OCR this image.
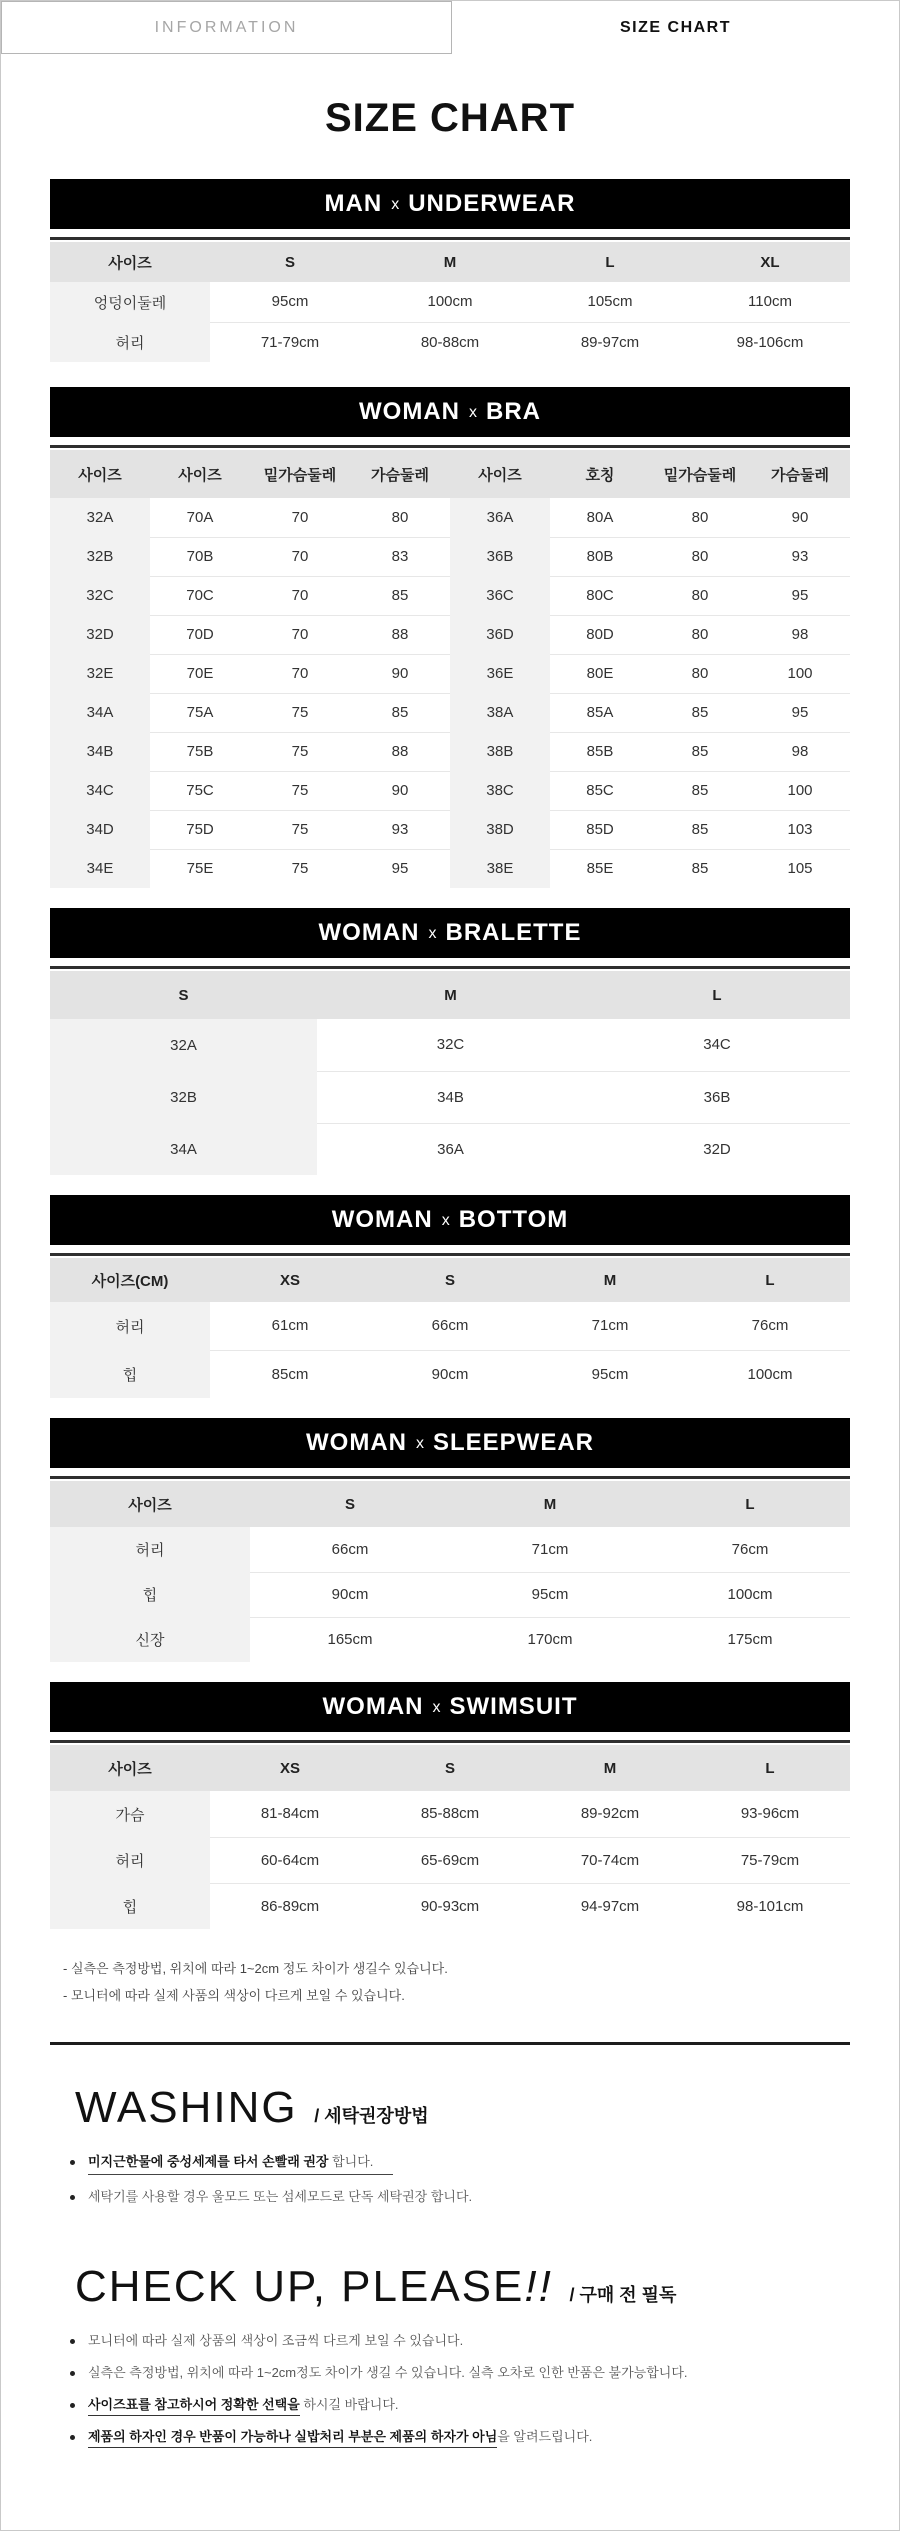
INFORMATION	SIZE CHART
SIZE CHART
MAN x UNDERWEAR
사이즈	S	M	L	XL
엉덩이둘레	95cm	100cm	105cm	110cm
허리	71-79cm	80-88cm	89-97cm	98-106cm
WOMAN x BRA
사이즈	사이즈	밑가슴둘레	가슴둘레	사이즈	호칭	밑가슴둘레	가슴둘레
32A	70A	70	80	36A	80A	80	90
32B	70B	70	83	36B	80B	80	93
32C	70C	70	85	36C	80C	80	95
32D	70D	70	88	36D	80D	80	98
32E	70E	70	90	36E	80E	80	100
34A	75A	75	85	38A	85A	85	95
34B	75B	75	88	38B	85B	85	98
34C	75C	75	90	38C	85C	85	100
34D	75D	75	93	38D	85D	85	103
34E	75E	75	95	38E	85E	85	105
WOMAN x BRALETTE
S	M	L
32A	32C	34C
32B	34B	36B
34A	36A	32D
WOMAN x BOTTOM
사이즈(CM)	XS	S	M	L
허리	61cm	66cm	71cm	76cm
힙	85cm	90cm	95cm	100cm
WOMAN x SLEEPWEAR
사이즈	S	M	L
허리	66cm	71cm	76cm
힙	90cm	95cm	100cm
신장	165cm	170cm	175cm
WOMAN x SWIMSUIT
사이즈	XS	S	M	L
가슴	81-84cm	85-88cm	89-92cm	93-96cm
허리	60-64cm	65-69cm	70-74cm	75-79cm
힙	86-89cm	90-93cm	94-97cm	98-101cm
- 실측은 측정방법, 위치에 따라 1~2cm 정도 차이가 생길수 있습니다.
- 모니터에 따라 실제 사품의 색상이 다르게 보일 수 있습니다.
WASHING / 세탁권장방법
미지근한물에 중성세제를 타서 손빨래 권장 합니다.
세탁기를 사용할 경우 울모드 또는 섬세모드로 단독 세탁권장 합니다.
CHECK UP, PLEASE!! / 구매 전 필독
모니터에 따라 실제 상품의 색상이 조금씩 다르게 보일 수 있습니다.
실측은 측정방법, 위치에 따라 1~2cm정도 차이가 생길 수 있습니다. 실측 오차로 인한 반품은 불가능합니다.
사이즈표를 참고하시어 정확한 선택을 하시길 바랍니다.
제품의 하자인 경우 반품이 가능하나 실밥처리 부분은 제품의 하자가 아님을 알려드립니다.
